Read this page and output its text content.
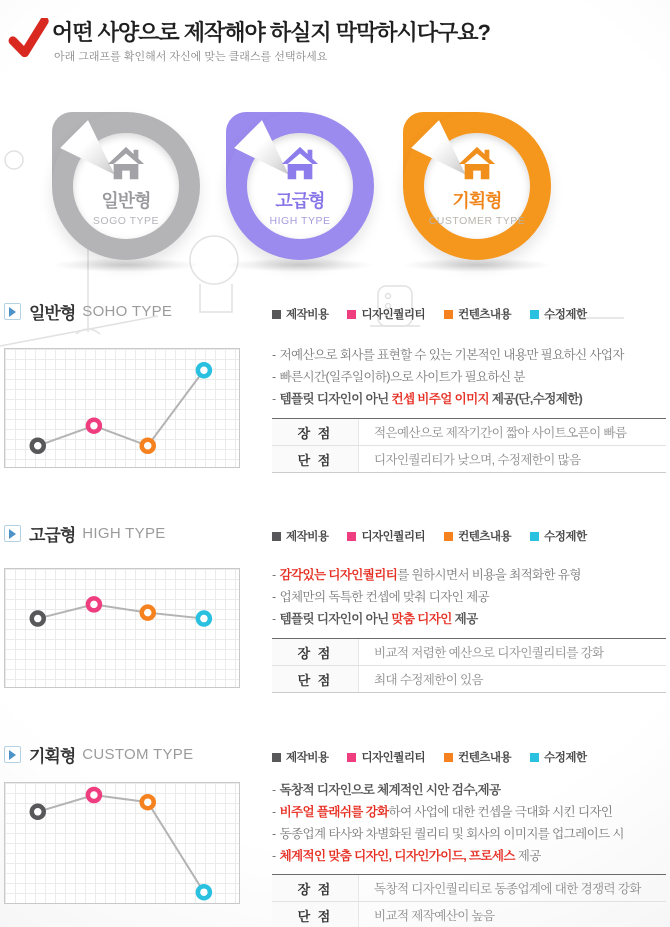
어떤 사양으로 제작해야 하실지 막막하시다구요?
아래 그래프를 확인해서 자신에 맞는 클래스를 선택하세요
일반형
SOGO TYPE
고급형
HIGH TYPE
기획형
CUSTOMER TYPE
일반형 SOHO TYPE	제작비용	디자인퀄리티	컨텐츠내용	수정제한
- 저예산으로 회사를 표현할 수 있는 기본적인 내용만 필요하신 사업자
- 빠른시간(일주일이하)으로 사이트가 필요하신 분
- 템플릿 디자인이 아닌 컨셉 비주얼 이미지 제공(단,수정제한)
장 점	적은예산으로 제작기간이 짧아 사이트오픈이 빠름
단 점	디자인퀄리티가 낮으며, 수정제한이 많음
고급형 HIGH TYPE	제작비용	디자인퀄리티	컨텐츠내용	수정제한
- 감각있는 디자인퀄리티를 원하시면서 비용을 최적화한 유형
- 업체만의 독특한 컨셉에 맞춰 디자인 제공
- 템플릿 디자인이 아닌 맞춤 디자인 제공
장 점	비교적 저렴한 예산으로 디자인퀄리티를 강화
단 점	최대 수정제한이 있음
기획형 CUSTOM TYPE	제작비용	디자인퀄리티	컨텐츠내용	수정제한
- 독창적 디자인으로 체계적인 시안 검수,제공
- 비주얼 플래쉬를 강화하여 사업에 대한 컨셉을 극대화 시킨 디자인
- 동종업계 타사와 차별화된 퀄리티 및 회사의 이미지를 업그레이드 시
- 체계적인 맞춤 디자인, 디자인가이드, 프로세스 제공
장 점	독창적 디자인퀄리티로 동종업계에 대한 경쟁력 강화
단 점	비교적 제작예산이 높음
